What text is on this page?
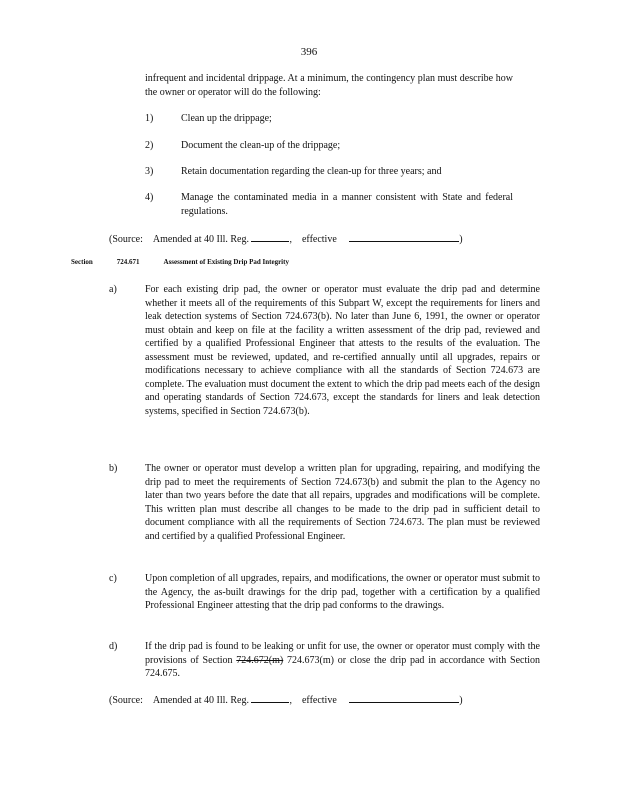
396
infrequent and incidental drippage. At a minimum, the contingency plan must describe how the owner or operator will do the following:
1)	Clean up the drippage;
2)	Document the clean-up of the drippage;
3)	Retain documentation regarding the clean-up for three years; and
4)	Manage the contaminated media in a manner consistent with State and federal regulations.
(Source: Amended at 40 Ill. Reg.	, effective	)
Section	724.671	Assessment of Existing Drip Pad Integrity
a)	For each existing drip pad, the owner or operator must evaluate the drip pad and determine whether it meets all of the requirements of this Subpart W, except the requirements for liners and leak detection systems of Section 724.673(b). No later than June 6, 1991, the owner or operator must obtain and keep on file at the facility a written assessment of the drip pad, reviewed and certified by a qualified Professional Engineer that attests to the results of the evaluation. The assessment must be reviewed, updated, and re-certified annually until all upgrades, repairs or modifications necessary to achieve compliance with all the standards of Section 724.673 are complete. The evaluation must document the extent to which the drip pad meets each of the design and operating standards of Section 724.673, except the standards for liners and leak detection systems, specified in Section 724.673(b).
b)	The owner or operator must develop a written plan for upgrading, repairing, and modifying the drip pad to meet the requirements of Section 724.673(b) and submit the plan to the Agency no later than two years before the date that all repairs, upgrades and modifications will be complete. This written plan must describe all changes to be made to the drip pad in sufficient detail to document compliance with all the requirements of Section 724.673. The plan must be reviewed and certified by a qualified Professional Engineer.
c)	Upon completion of all upgrades, repairs, and modifications, the owner or operator must submit to the Agency, the as-built drawings for the drip pad, together with a certification by a qualified Professional Engineer attesting that the drip pad conforms to the drawings.
d)	If the drip pad is found to be leaking or unfit for use, the owner or operator must comply with the provisions of Section 724.672(m) 724.673(m) or close the drip pad in accordance with Section 724.675.
(Source: Amended at 40 Ill. Reg.	, effective	)
